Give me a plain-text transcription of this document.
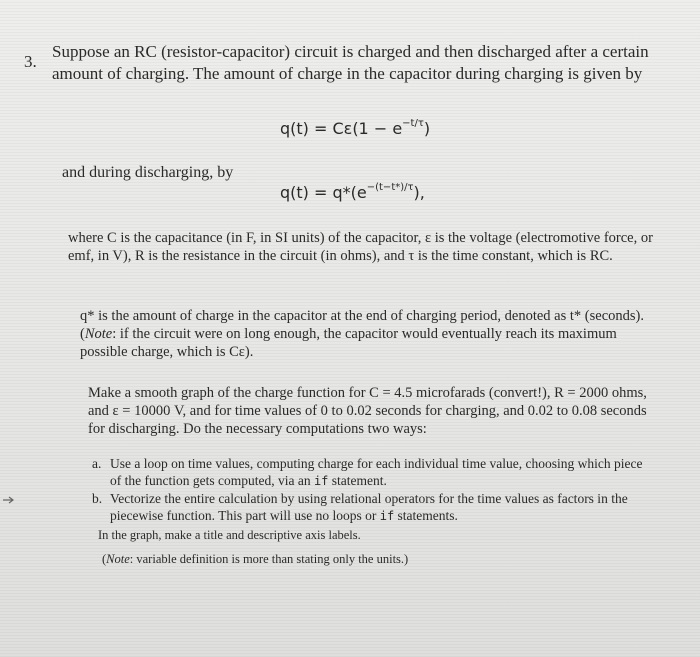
3.
Suppose an RC (resistor-capacitor) circuit is charged and then discharged after a certain
amount of charging. The amount of charge in the capacitor during charging is given by
$q(t) = C\varepsilon(1 - e^{-t/\tau})$
and during discharging, by
$q(t) = q*(e^{-(t-t*)/\tau})$,
where C is the capacitance (in F, in SI units) of the capacitor, ε is the voltage (electromotive force, or emf, in V), R is the resistance in the circuit (in ohms), and τ is the time constant, which is RC.
q* is the amount of charge in the capacitor at the end of charging period, denoted as t* (seconds). (Note: if the circuit were on long enough, the capacitor would eventually reach its maximum possible charge, which is Cε).
Make a smooth graph of the charge function for C = 4.5 microfarads (convert!), R = 2000 ohms, and ε = 10000 V, and for time values of 0 to 0.02 seconds for charging, and 0.02 to 0.08 seconds for discharging. Do the necessary computations two ways:
a. Use a loop on time values, computing charge for each individual time value, choosing which piece of the function gets computed, via an if statement.
b. Vectorize the entire calculation by using relational operators for the time values as factors in the piecewise function. This part will use no loops or if statements.
In the graph, make a title and descriptive axis labels.
(Note: variable definition is more than stating only the units.)
